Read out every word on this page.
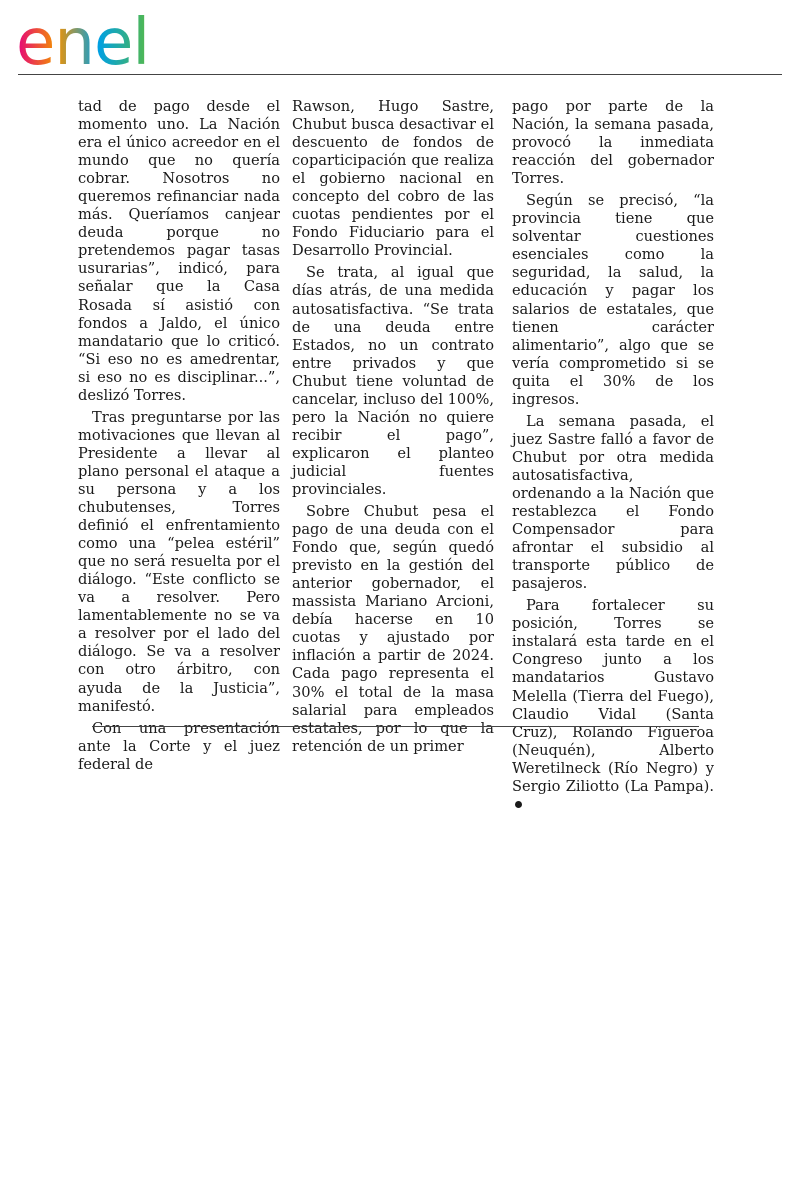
enel

tad de pago desde el momento uno. La Nación era el único acreedor en el mundo que no quería cobrar. Nosotros no queremos refinanciar nada más. Queríamos canjear deuda porque no pretendemos pagar tasas usurarias”, indicó, para señalar que la Casa Rosada sí asistió con fondos a Jaldo, el único mandatario que lo criticó. “Si eso no es amedrentar, si eso no es disciplinar...”, deslizó Torres.

Tras preguntarse por las motivaciones que llevan al Presidente a llevar al plano personal el ataque a su persona y a los chubutenses, Torres definió el enfrentamiento como una “pelea estéril” que no será resuelta por el diálogo. “Este conflicto se va a resolver. Pero lamentablemente no se va a resolver por el lado del diálogo. Se va a resolver con otro árbitro, con ayuda de la Justicia”, manifestó.

Con una presentación ante la Corte y el juez federal de

Rawson, Hugo Sastre, Chubut busca desactivar el descuento de fondos de coparticipación que realiza el gobierno nacional en concepto del cobro de las cuotas pendientes por el Fondo Fiduciario para el Desarrollo Provincial.

Se trata, al igual que días atrás, de una medida autosatisfactiva. “Se trata de una deuda entre Estados, no un contrato entre privados y que Chubut tiene voluntad de cancelar, incluso del 100%, pero la Nación no quiere recibir el pago”, explicaron el planteo judicial fuentes provinciales.

Sobre Chubut pesa el pago de una deuda con el Fondo que, según quedó previsto en la gestión del anterior gobernador, el massista Mariano Arcioni, debía hacerse en 10 cuotas y ajustado por inflación a partir de 2024. Cada pago representa el 30% el total de la masa salarial para empleados estatales, por lo que la retención de un primer

pago por parte de la Nación, la semana pasada, provocó la inmediata reacción del gobernador Torres.

Según se precisó, “la provincia tiene que solventar cuestiones esenciales como la seguridad, la salud, la educación y pagar los salarios de estatales, que tienen carácter alimentario”, algo que se vería comprometido si se quita el 30% de los ingresos.

La semana pasada, el juez Sastre falló a favor de Chubut por otra medida autosatisfactiva, ordenando a la Nación que restablezca el Fondo Compensador para afrontar el subsidio al transporte público de pasajeros.

Para fortalecer su posición, Torres se instalará esta tarde en el Congreso junto a los mandatarios Gustavo Melella (Tierra del Fuego), Claudio Vidal (Santa Cruz), Rolando Figueroa (Neuquén), Alberto Weretilneck (Río Negro) y Sergio Ziliotto (La Pampa).
